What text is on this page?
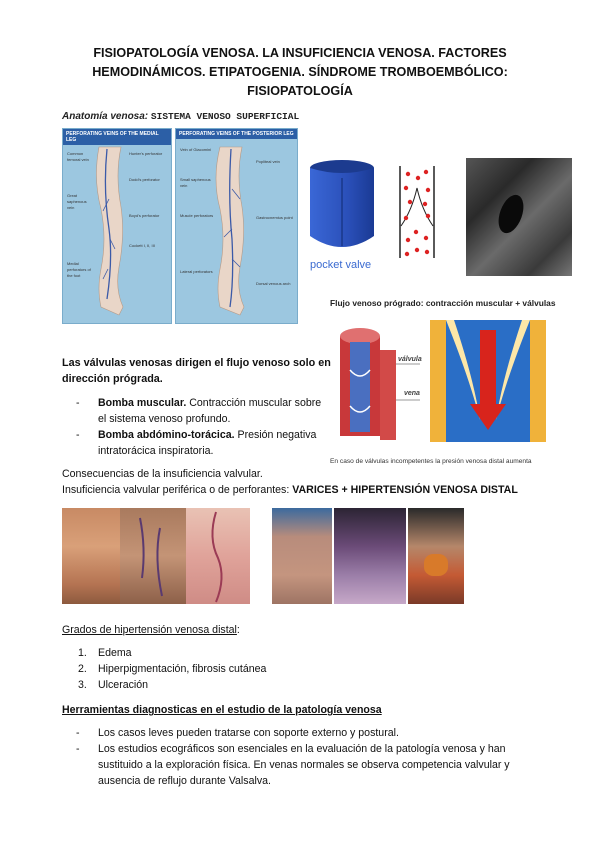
FISIOPATOLOGÍA VENOSA. LA INSUFICIENCIA VENOSA. FACTORES HEMODINÁMICOS. ETIPATOGENIA. SÍNDROME TROMBOEMBÓLICO: FISIOPATOLOGÍA
Anatomía venosa: SISTEMA VENOSO SUPERFICIAL
PERFORATING VEINS OF THE MEDIAL LEG
Common femoral vein
Great saphenous vein
Medial perforators of the foot
Hunter's perforator
Dodd's perforator
Boyd's perforator
Cockett I, II, III
PERFORATING VEINS OF THE POSTERIOR LEG
Vein of Giacomini
Small saphenous vein
Muscle perforators
Lateral perforators
Popliteal vein
Gastrocnemius point
Dorsal venous arch
pocket valve
Flujo venoso prógrado: contracción muscular + válvulas
válvula
vena
En caso de válvulas incompetentes la presión venosa distal aumenta
Las válvulas venosas dirigen el flujo venoso solo en dirección prógrada.
- Bomba muscular. Contracción muscular sobre el sistema venoso profundo.
- Bomba abdómino-torácica. Presión negativa intratorácica inspiratoria.
Consecuencias de la insuficiencia valvular.
Insuficiencia valvular periférica o de perforantes: VARICES + HIPERTENSIÓN VENOSA DISTAL
Grados de hipertensión venosa distal:
1. Edema
2. Hiperpigmentación, fibrosis cutánea
3. Ulceración
Herramientas diagnosticas en el estudio de la patología venosa
- Los casos leves pueden tratarse con soporte externo y postural.
- Los estudios ecográficos son esenciales en la evaluación de la patología venosa y han sustituido a la exploración física. En venas normales se observa competencia valvular y ausencia de reflujo durante Valsalva.
